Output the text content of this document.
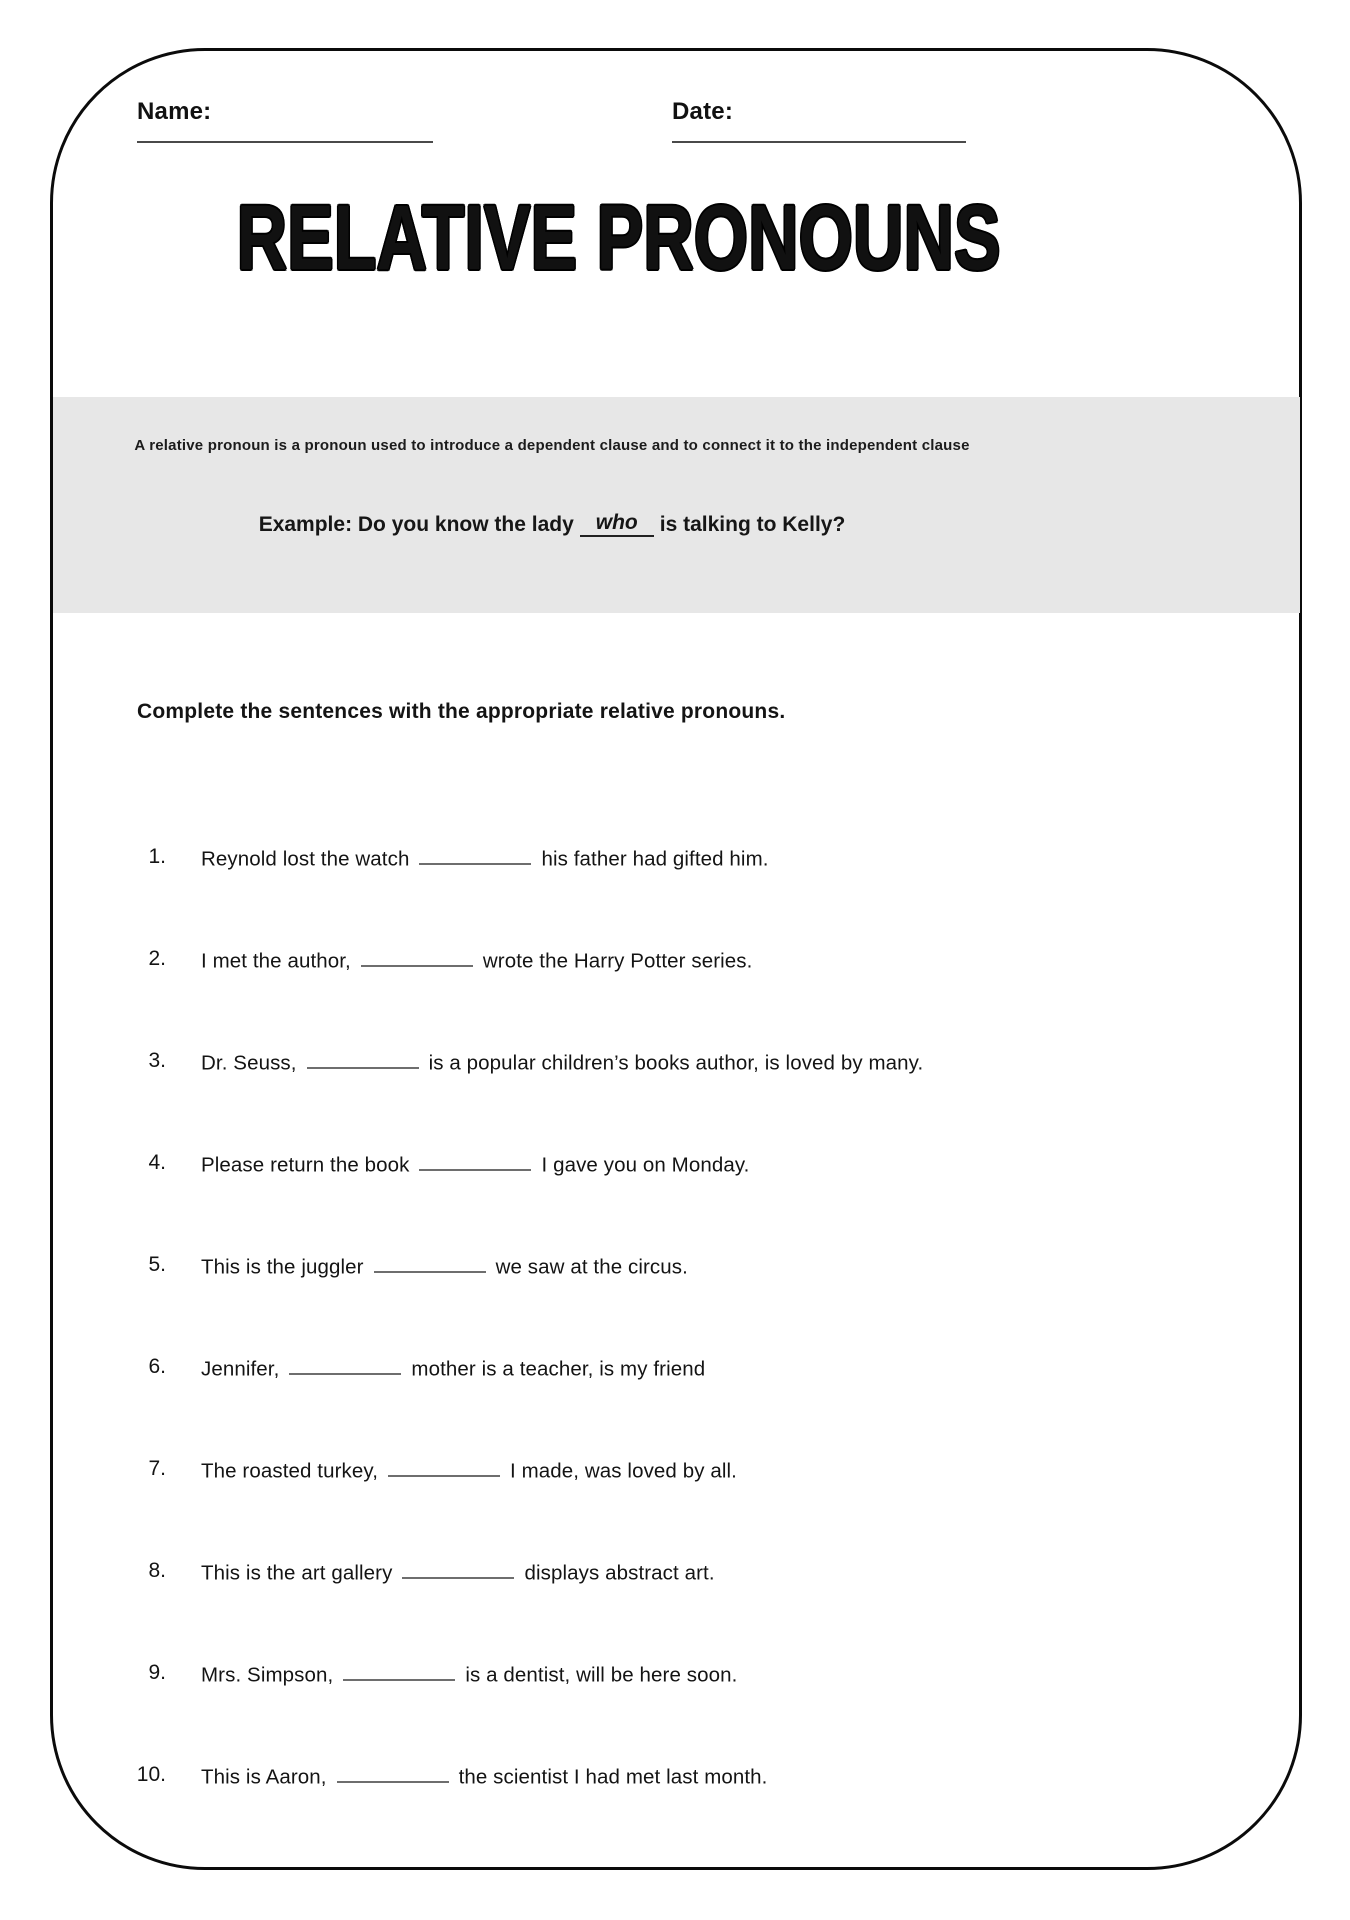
Name:	Date:
RELATIVE PRONOUNS
A relative pronoun is a pronoun used to introduce a dependent clause and to connect it to the independent clause
Example: Do you know the lady who is talking to Kelly?
Complete the sentences with the appropriate relative pronouns.
1. Reynold lost the watch	his father had gifted him.
2. I met the author,	wrote the Harry Potter series.
3. Dr. Seuss,	is a popular children’s books author, is loved by many.
4. Please return the book	I gave you on Monday.
5. This is the juggler	we saw at the circus.
6. Jennifer,	mother is a teacher, is my friend
7. The roasted turkey,	I made, was loved by all.
8. This is the art gallery	displays abstract art.
9. Mrs. Simpson,	is a dentist, will be here soon.
10. This is Aaron,	the scientist I had met last month.
